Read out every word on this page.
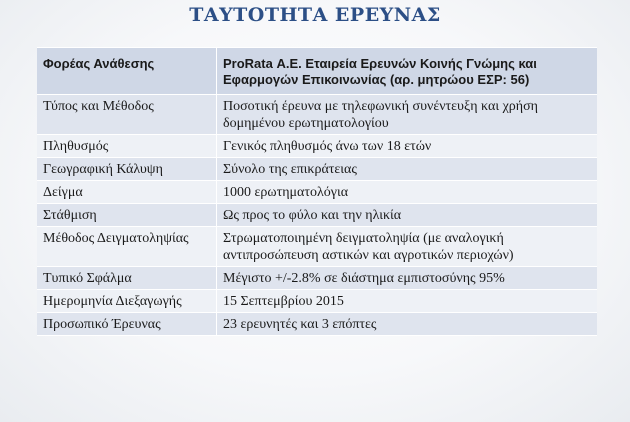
ΤΑΥΤΟΤΗΤΑ ΕΡΕΥΝΑΣ
Φορέας Ανάθεσης	ProRata Α.Ε. Εταιρεία Ερευνών Κοινής Γνώμης και Εφαρμογών Επικοινωνίας (αρ. μητρώου ΕΣΡ: 56)
Τύπος και Μέθοδος	Ποσοτική έρευνα με τηλεφωνική συνέντευξη και χρήση δομημένου ερωτηματολογίου
Πληθυσμός	Γενικός πληθυσμός άνω των 18 ετών
Γεωγραφική Κάλυψη	Σύνολο της επικράτειας
Δείγμα	1000 ερωτηματολόγια
Στάθμιση	Ως προς το φύλο και την ηλικία
Μέθοδος Δειγματοληψίας	Στρωματοποιημένη δειγματοληψία (με αναλογική αντιπροσώπευση αστικών και αγροτικών περιοχών)
Τυπικό Σφάλμα	Μέγιστο +/-2.8% σε διάστημα εμπιστοσύνης 95%
Ημερομηνία Διεξαγωγής	15 Σεπτεμβρίου 2015
Προσωπικό Έρευνας	23 ερευνητές και 3 επόπτες
